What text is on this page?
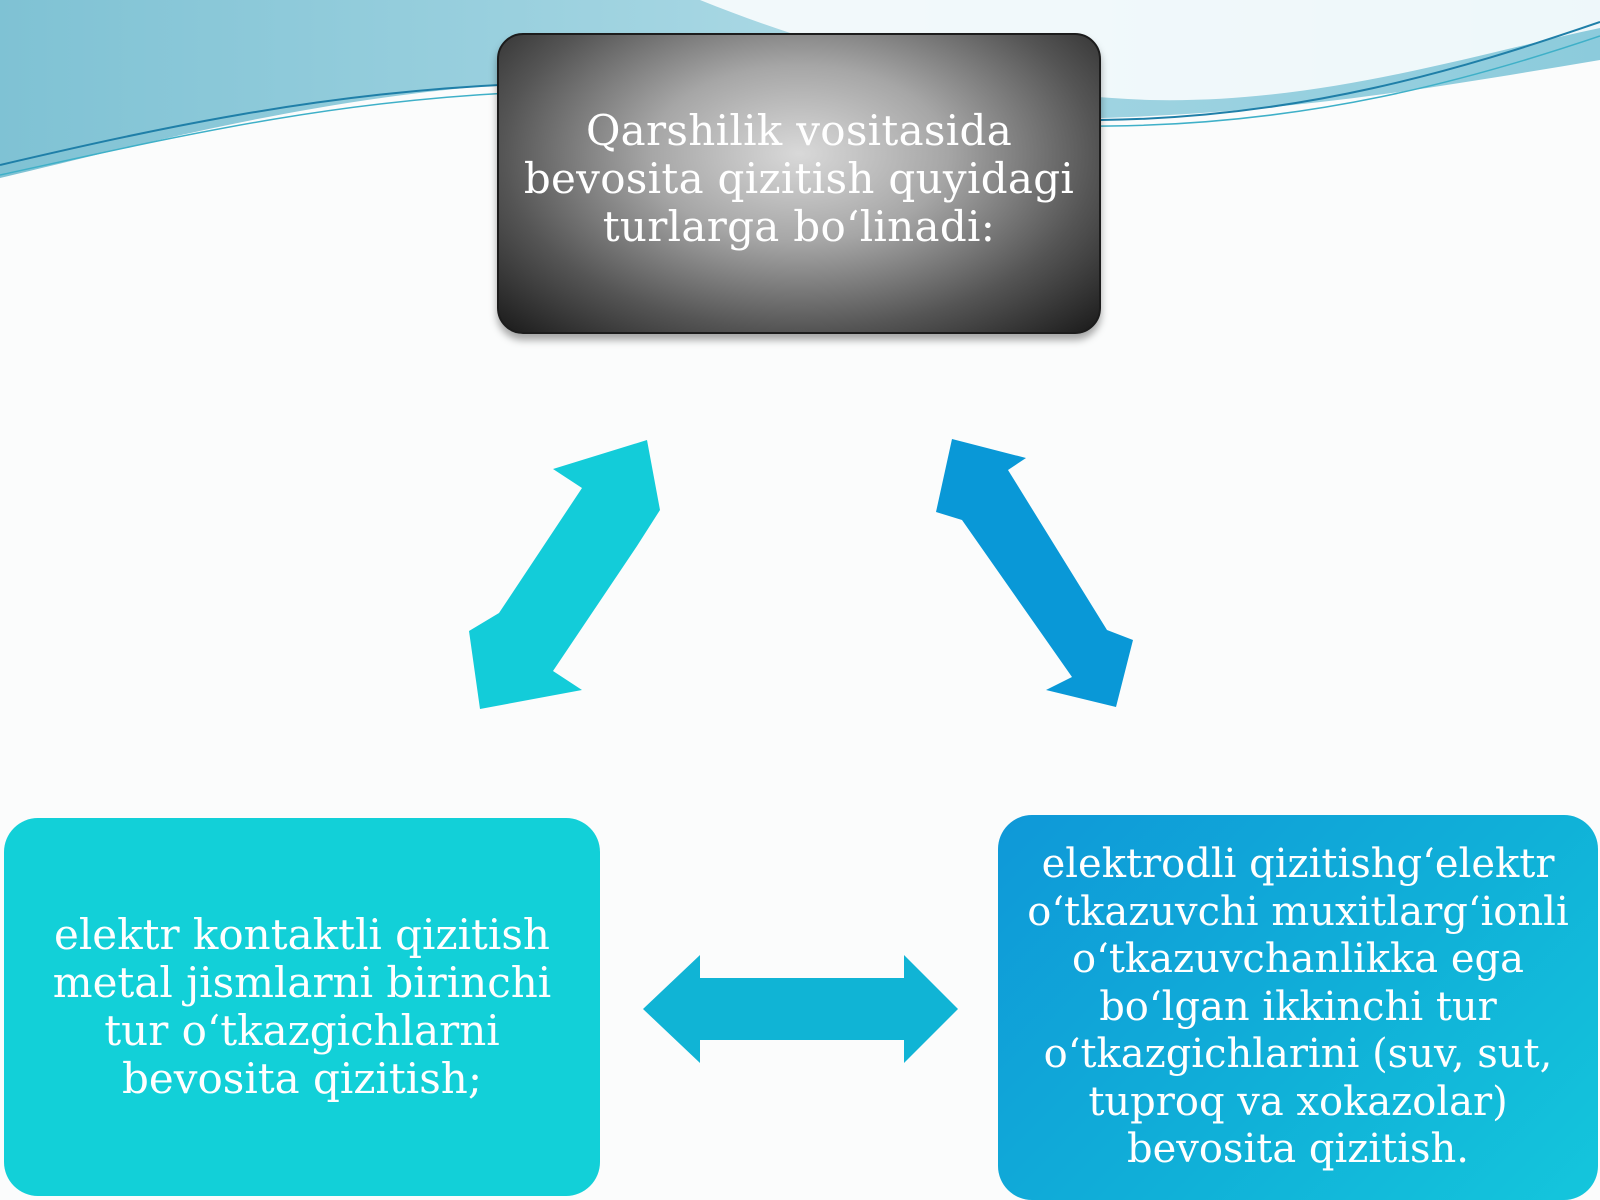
Qarshilik vositasida bevosita qizitish quyidagi turlarga bo‘linadi:
elektr kontaktli qizitish metal jismlarni birinchi tur o‘tkazgichlarni bevosita qizitish;
elektrodli qizitishg‘elektr o‘tkazuvchi muxitlarg‘ionli o‘tkazuvchanlikka ega bo‘lgan ikkinchi tur o‘tkazgichlarini (suv, sut, tuproq va xokazolar) bevosita qizitish.
